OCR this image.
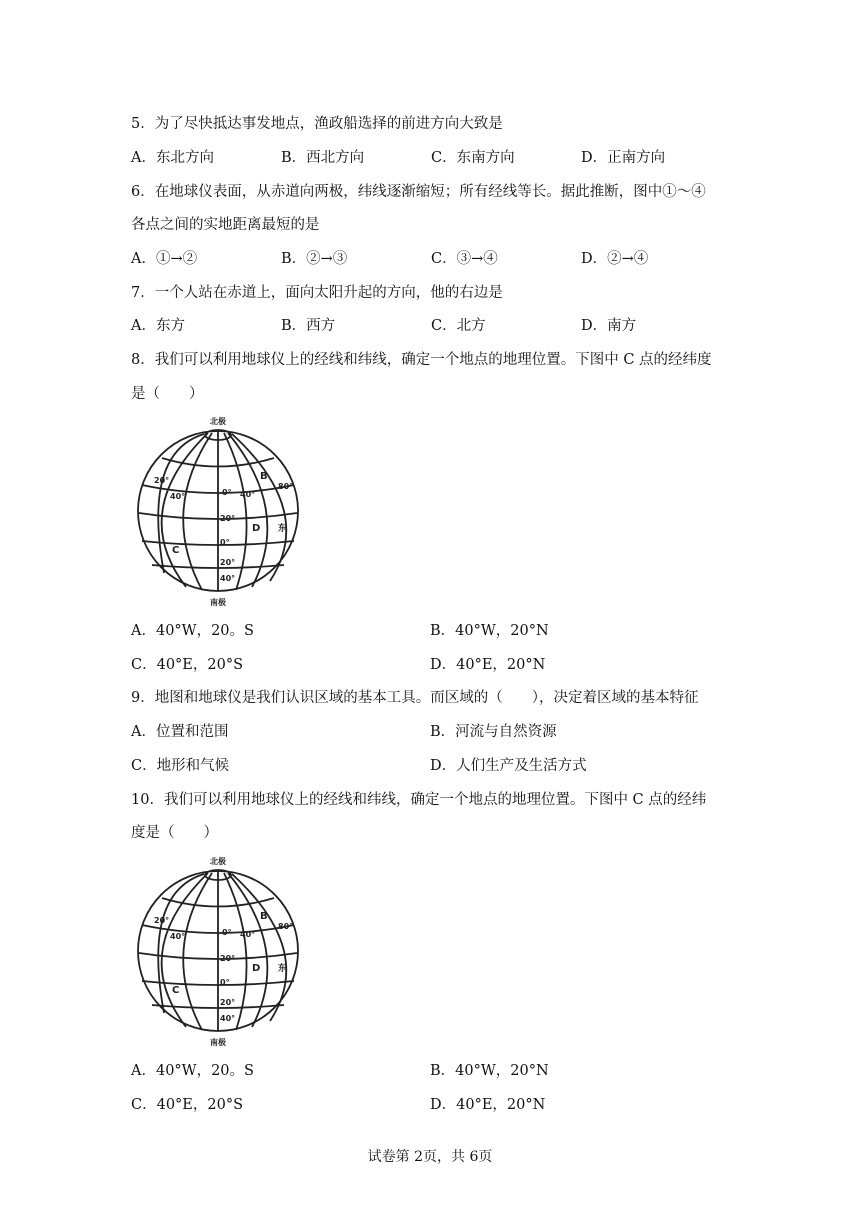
5．为了尽快抵达事发地点，渔政船选择的前进方向大致是
A．东北方向	B．西北方向	C．东南方向	D．正南方向
6．在地球仪表面，从赤道向两极，纬线逐渐缩短；所有经线等长。据此推断，图中①～④
各点之间的实地距离最短的是
A．①→②	B．②→③	C．③→④	D．②→④
7．一个人站在赤道上，面向太阳升起的方向，他的右边是
A．东方	B．西方	C．北方	D．南方
8．我们可以利用地球仪上的经线和纬线，确定一个地点的地理位置。下图中 C 点的经纬度
是（　　）
北极
南极
20°
40°	0° 40°
80°
20°
0°
20°
40°
B
D
C
东
A．40°W，20。S	B．40°W，20°N
C．40°E，20°S	D．40°E，20°N
9．地图和地球仪是我们认识区域的基本工具。而区域的（　　），决定着区域的基本特征
A．位置和范围	B．河流与自然资源
C．地形和气候	D．人们生产及生活方式
10．我们可以利用地球仪上的经线和纬线，确定一个地点的地理位置。下图中 C 点的经纬
度是（　　）
北极
南极
20°
40°	0° 40°
80°
20°
0°
20°
40°
B
D
C
东
A．40°W，20。S	B．40°W，20°N
C．40°E，20°S	D．40°E，20°N
试卷第 2页，共 6页
